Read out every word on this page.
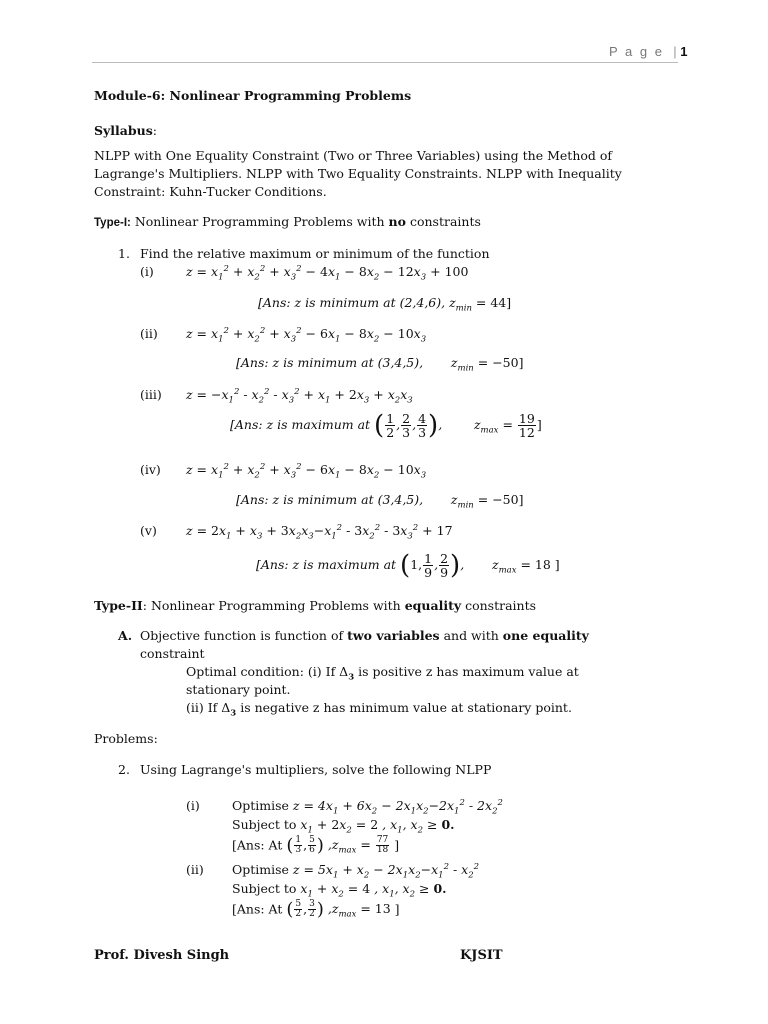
P a g e  | 1
Module-6: Nonlinear Programming Problems
Syllabus:
NLPP with One Equality Constraint (Two or Three Variables) using the Method of
Lagrange's Multipliers. NLPP with Two Equality Constraints. NLPP with Inequality
Constraint: Kuhn-Tucker Conditions.
Type-I: Nonlinear Programming Problems with no constraints
1. Find the relative maximum or minimum of the function
(i)	$z = x_1^2 + x_2^2 + x_3^2 - 4x_1 - 8x_2 - 12x_3 + 100$
[Ans: z is minimum at (2,4,6), $z_{min} = 44$]
(ii) $z = x_1^2 + x_2^2 + x_3^2 - 6x_1 - 8x_2 - 10x_3$
[Ans: z is minimum at (3,4,5),       $z_{min} = -50$]
(iii) $z = -x_1^2 - x_2^2 - x_3^2 + x_1 + 2x_3 + x_2x_3$
[Ans: z is maximum at ( $\frac{1}{2}$ , $\frac{2}{3}$ , $\frac{4}{3}$ ),        $z_{max} = \frac{19}{12}$ ]
(iv) $z = x_1^2 + x_2^2 + x_3^2 - 6x_1 - 8x_2 - 10x_3$
[Ans: z is minimum at (3,4,5),       $z_{min} = -50$]
(v) $z = 2x_1 + x_3 + 3x_2x_3-x_1^2 - 3x_2^2 - 3x_3^2 + 17$
[Ans: z is maximum at (1, $\frac{1}{9}$ , $\frac{2}{9}$ ),       $z_{max} = 18$ ]
Type-II: Nonlinear Programming Problems with equality constraints
A. Objective function is function of two variables and with one equality
constraint
Optimal condition: (i) If $\Delta_3$ is positive z has maximum value at
stationary point.
(ii) If $\Delta_3$ is negative z has minimum value at stationary point.
Problems:
2. Using Lagrange's multipliers, solve the following NLPP
(i)	Optimise $z = 4x_1 + 6x_2 - 2x_1x_2-2x_1^2 - 2x_2^2$
Subject to $x_1 + 2x_2 = 2$ , $x_1$, $x_2 \ge 0$.
[Ans: At ( $\frac{1}{3}$ , $\frac{5}{6}$ ) $,z_{max} = \frac{77}{18}$ ]
(ii) Optimise $z = 5x_1 + x_2 - 2x_1x_2-x_1^2 - x_2^2$
Subject to $x_1 + x_2 = 4$ , $x_1$, $x_2 \ge 0$.
[Ans: At ( $\frac{5}{2}$ , $\frac{3}{2}$ ) $,z_{max} = 13$ ]
Prof. Divesh Singh	KJSIT
